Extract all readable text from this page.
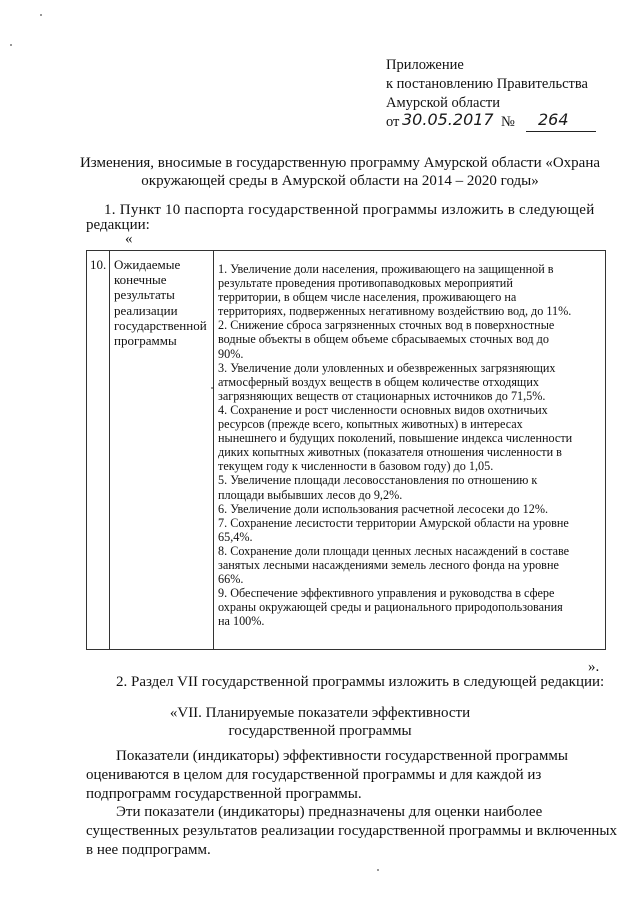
Приложение
к постановлению Правительства
Амурской области
от 30.05.2017 № 264
Изменения, вносимые в государственную программу Амурской области «Охрана окружающей среды в Амурской области на 2014 – 2020 годы»
1. Пункт 10 паспорта государственной программы изложить в следующей
редакции:
«
10. Ожидаемые
конечные
результаты
реализации
государственной
программы
1. Увеличение доли населения, проживающего на защищенной в
результате проведения противопаводковых мероприятий
территории, в общем числе населения, проживающего на
территориях, подверженных негативному воздействию вод, до 11%.
2. Снижение сброса загрязненных сточных вод в поверхностные
водные объекты в общем объеме сбрасываемых сточных вод до
90%.
3. Увеличение доли уловленных и обезвреженных загрязняющих
атмосферный воздух веществ в общем количестве отходящих
загрязняющих веществ от стационарных источников до 71,5%.
4. Сохранение и рост численности основных видов охотничьих
ресурсов (прежде всего, копытных животных) в интересах
нынешнего и будущих поколений, повышение индекса численности
диких копытных животных (показателя отношения численности в
текущем году к численности в базовом году) до 1,05.
5. Увеличение площади лесовосстановления по отношению к
площади выбывших лесов до 9,2%.
6. Увеличение доли использования расчетной лесосеки до 12%.
7. Сохранение лесистости территории Амурской области на уровне
65,4%.
8. Сохранение доли площади ценных лесных насаждений в составе
занятых лесными насаждениями земель лесного фонда на уровне
66%.
9. Обеспечение эффективного управления и руководства в сфере
охраны окружающей среды и рационального природопользования
на 100%.
».
2. Раздел VII государственной программы изложить в следующей редакции:
«VII. Планируемые показатели эффективности
государственной программы
Показатели (индикаторы) эффективности государственной программы
оцениваются в целом для государственной программы и для каждой из
подпрограмм государственной программы.
Эти показатели (индикаторы) предназначены для оценки наиболее
существенных результатов реализации государственной программы и включенных
в нее подпрограмм.
